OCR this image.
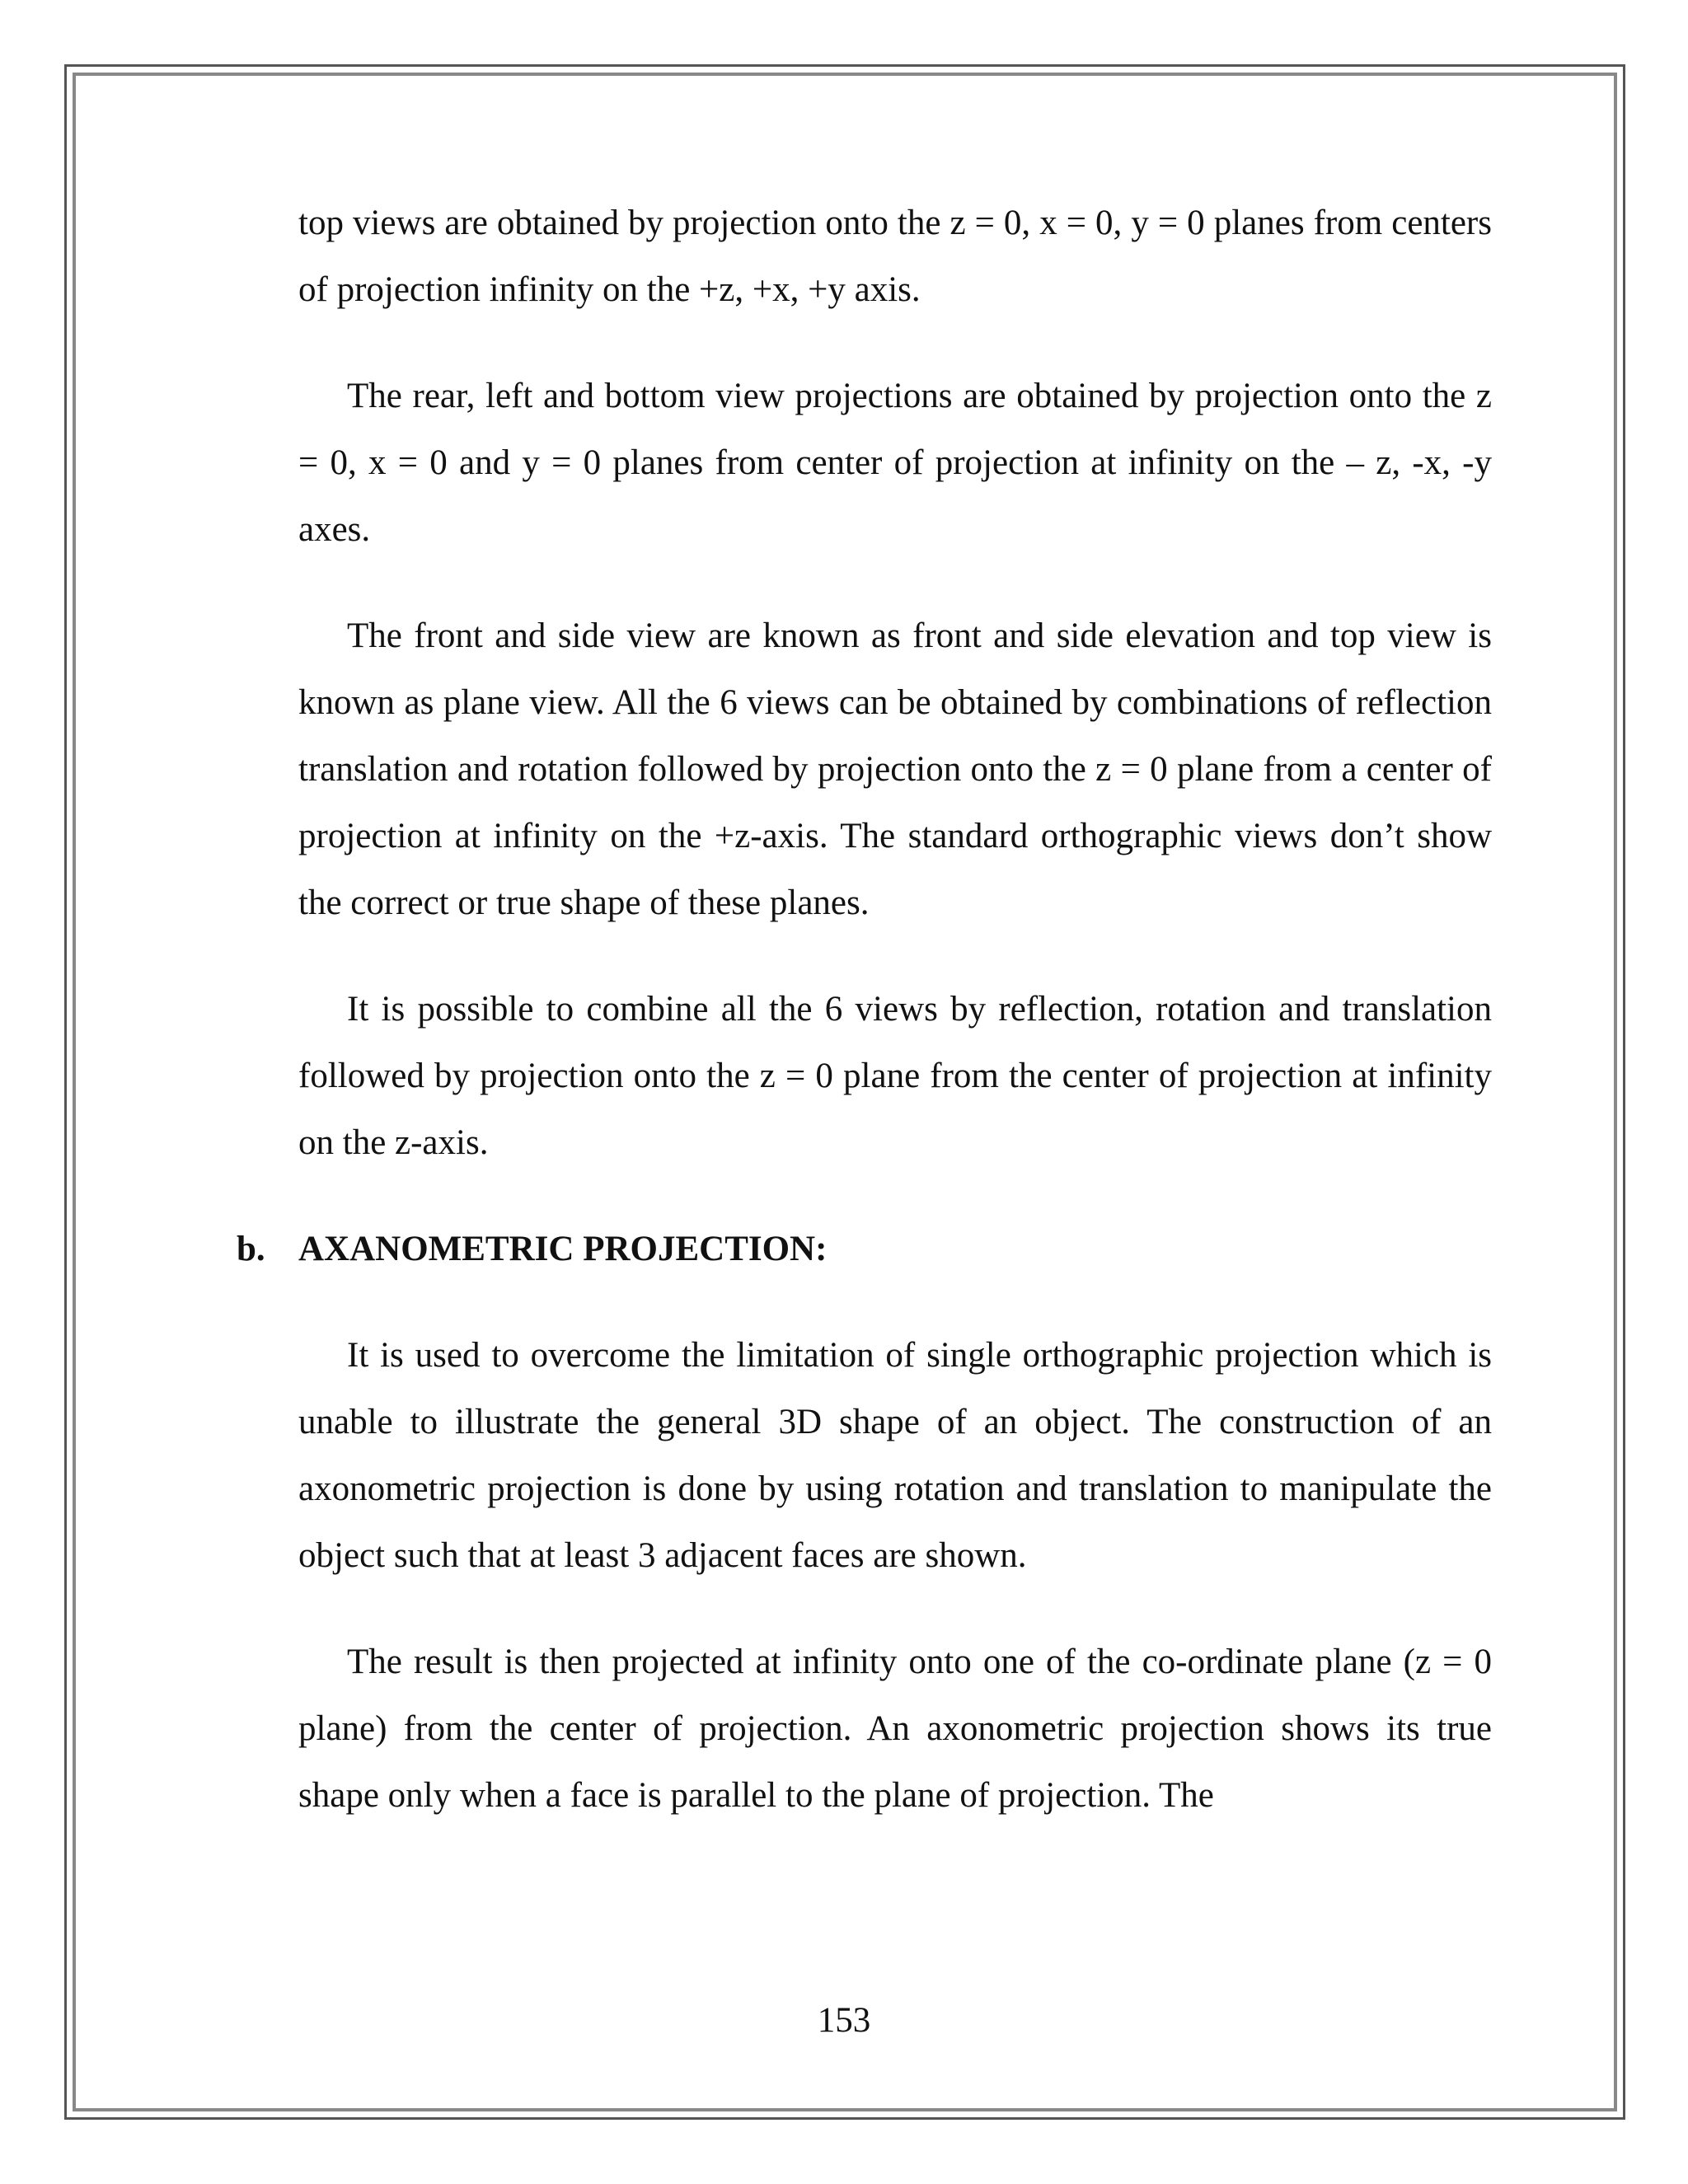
top views are obtained by projection onto the z = 0, x = 0, y = 0 planes from centers of projection infinity on the +z, +x, +y axis.

The rear, left and bottom view projections are obtained by projection onto the z = 0, x = 0 and y = 0 planes from center of projection at infinity on the – z, -x, -y axes.

The front and side view are known as front and side elevation and top view is known as plane view. All the 6 views can be obtained by combinations of reflection translation and rotation followed by projection onto the z = 0 plane from a center of projection at infinity on the +z-axis. The standard orthographic views don’t show the correct or true shape of these planes.

It is possible to combine all the 6 views by reflection, rotation and translation followed by projection onto the z = 0 plane from the center of projection at infinity on the z-axis.

b. AXANOMETRIC PROJECTION:

It is used to overcome the limitation of single orthographic projection which is unable to illustrate the general 3D shape of an object. The construction of an axonometric projection is done by using rotation and translation to manipulate the object such that at least 3 adjacent faces are shown.

The result is then projected at infinity onto one of the co-ordinate plane (z = 0 plane) from the center of projection. An axonometric projection shows its true shape only when a face is parallel to the plane of projection. The

153
